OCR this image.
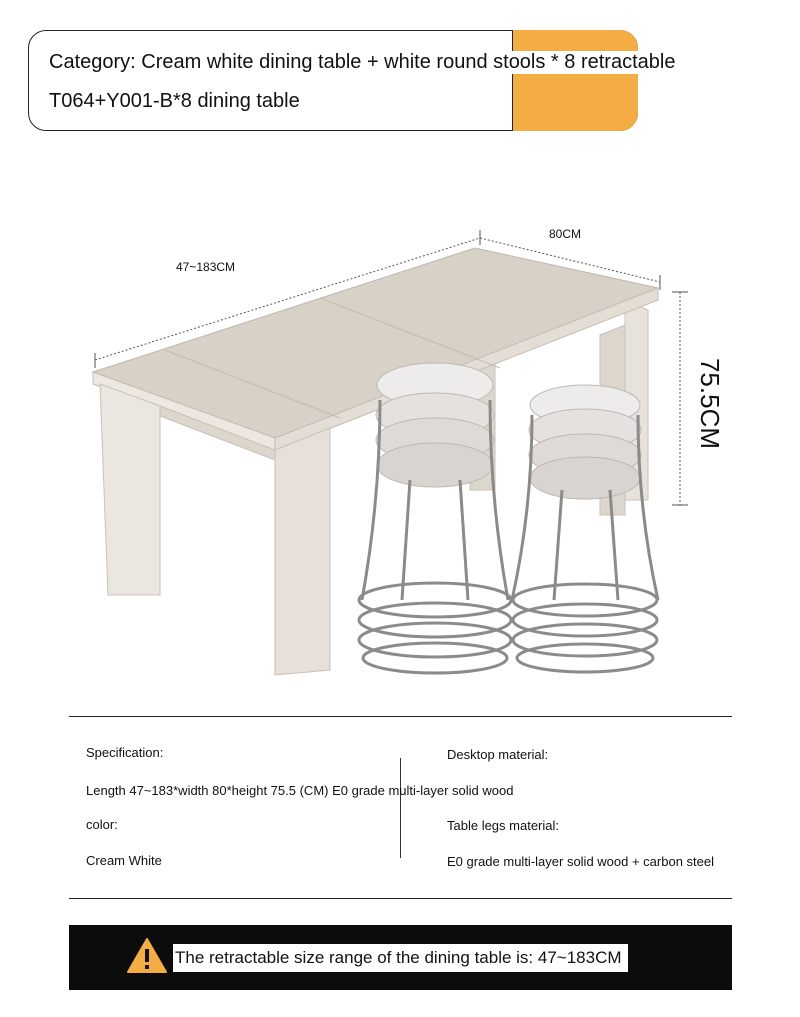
Category: Cream white dining table + white round stools * 8 retractable
T064+Y001-B*8 dining table
47~183CM
80CM
75.5CM
Specification:
Length 47~183*width 80*height 75.5 (CM) E0 grade multi-layer solid wood
color:
Cream White
Desktop material:
Table legs material:
E0 grade multi-layer solid wood + carbon steel
The retractable size range of the dining table is: 47~183CM
